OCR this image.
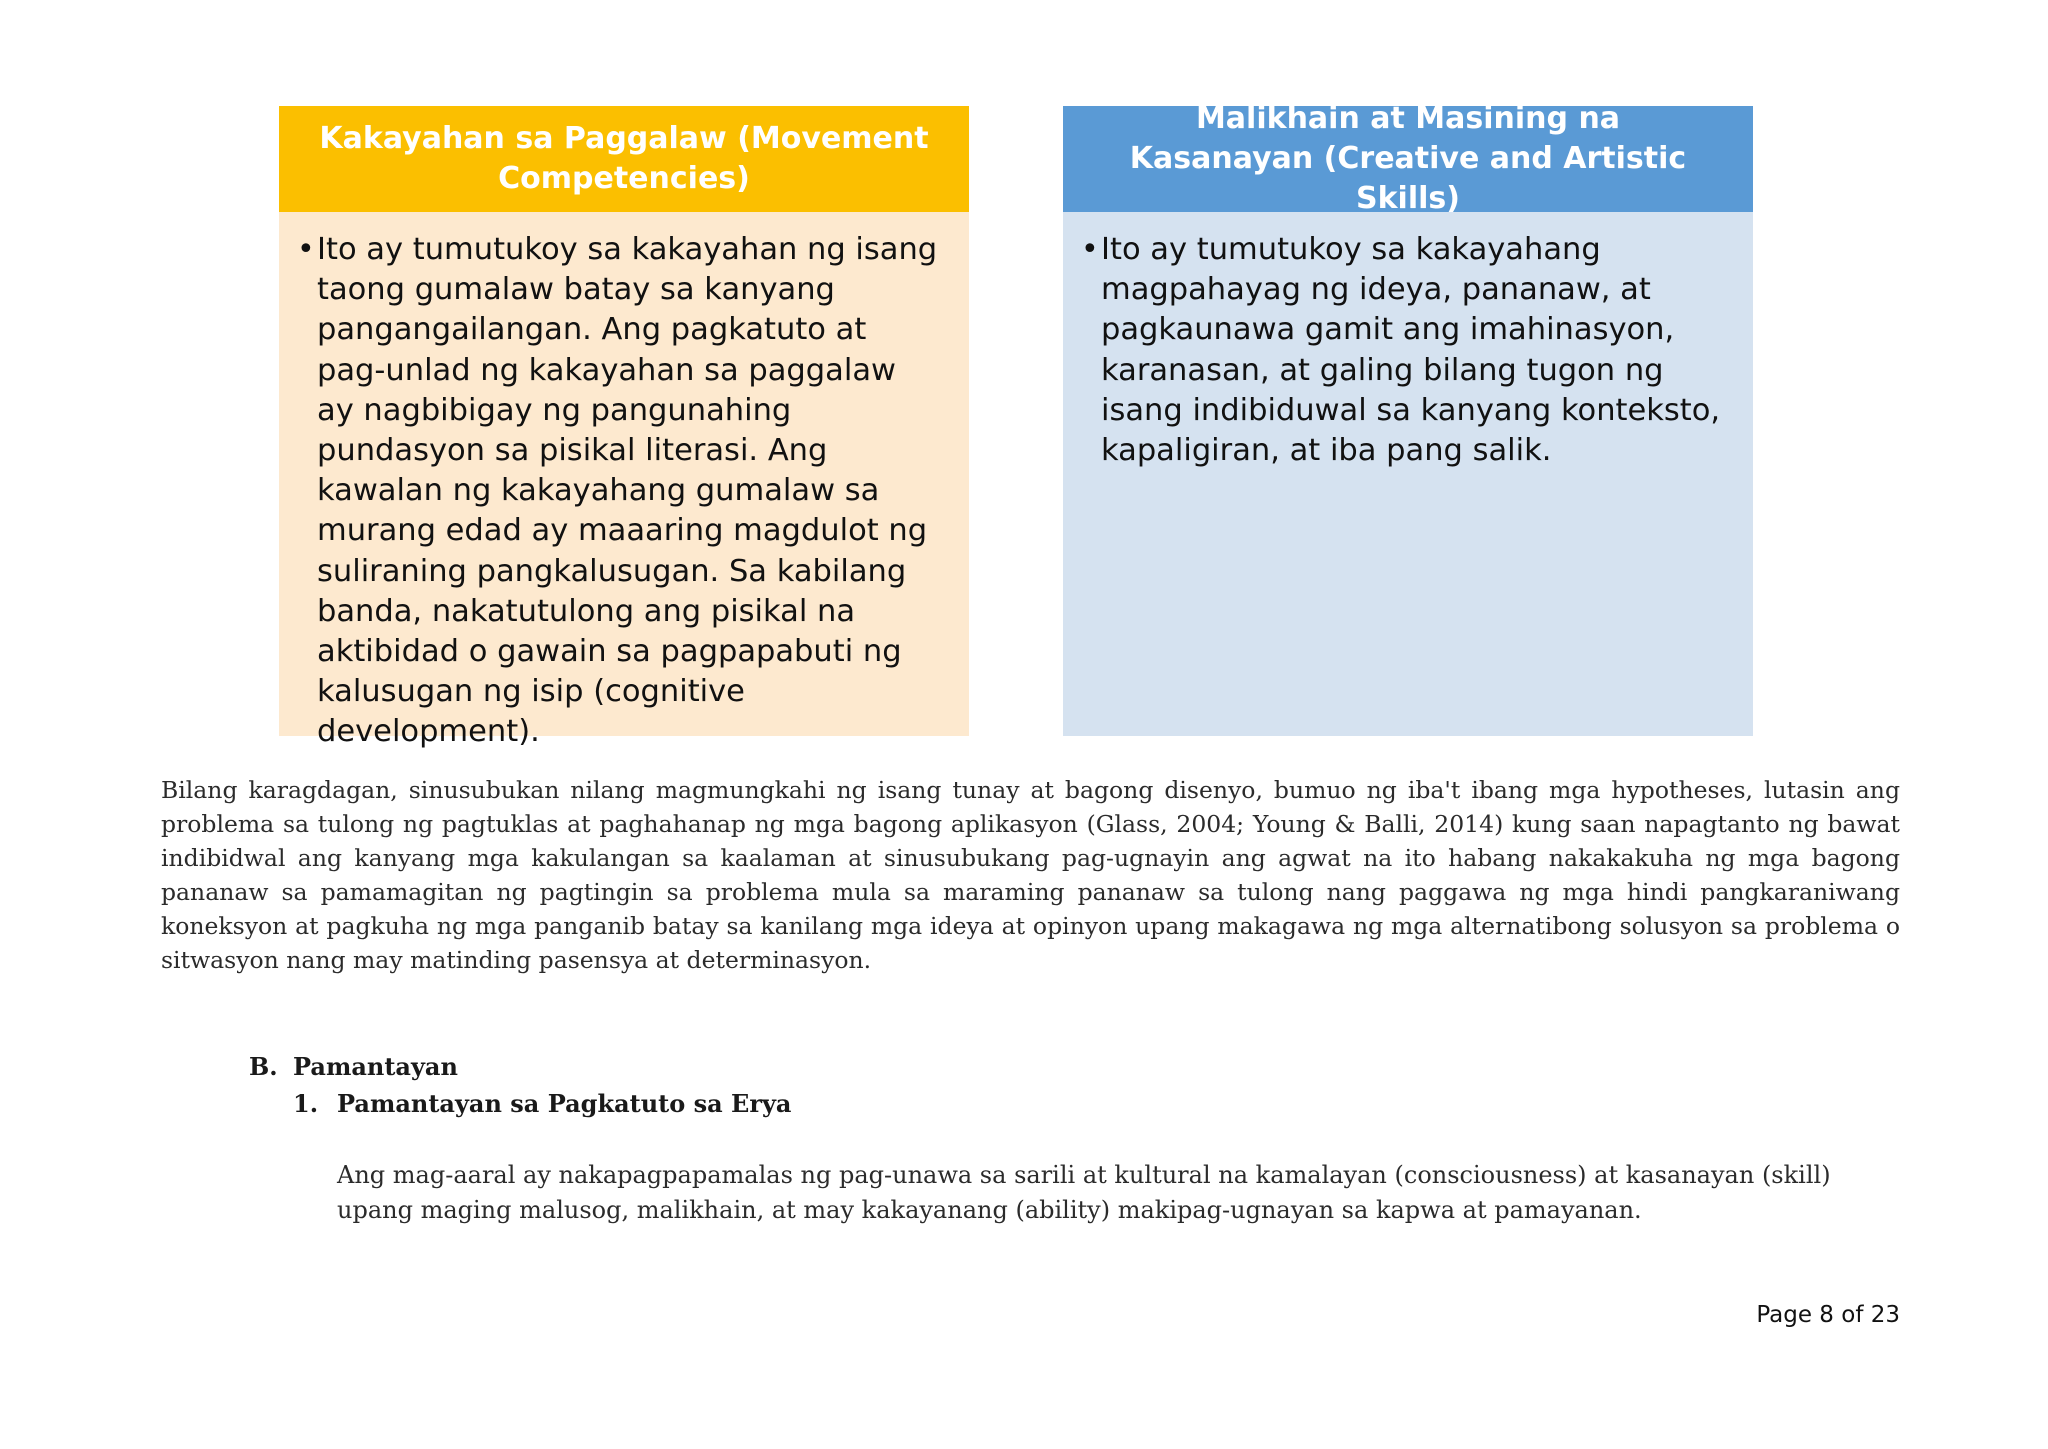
Kakayahan sa Paggalaw (Movement Competencies)
• Ito ay tumutukoy sa kakayahan ng isang taong gumalaw batay sa kanyang pangangailangan. Ang pagkatuto at pag-unlad ng kakayahan sa paggalaw ay nagbibigay ng pangunahing pundasyon sa pisikal literasi. Ang kawalan ng kakayahang gumalaw sa murang edad ay maaaring magdulot ng suliraning pangkalusugan. Sa kabilang banda, nakatutulong ang pisikal na aktibidad o gawain sa pagpapabuti ng kalusugan ng isip (cognitive development).
Malikhain at Masining na Kasanayan (Creative and Artistic Skills)
• Ito ay tumutukoy sa kakayahang magpahayag ng ideya, pananaw, at pagkaunawa gamit ang imahinasyon, karanasan, at galing bilang tugon ng isang indibiduwal sa kanyang konteksto, kapaligiran, at iba pang salik.
Bilang karagdagan, sinusubukan nilang magmungkahi ng isang tunay at bagong disenyo, bumuo ng iba't ibang mga hypotheses, lutasin ang problema sa tulong ng pagtuklas at paghahanap ng mga bagong aplikasyon (Glass, 2004; Young & Balli, 2014) kung saan napagtanto ng bawat indibidwal ang kanyang mga kakulangan sa kaalaman at sinusubukang pag-ugnayin ang agwat na ito habang nakakakuha ng mga bagong pananaw sa pamamagitan ng pagtingin sa problema mula sa maraming pananaw sa tulong nang paggawa ng mga hindi pangkaraniwang koneksyon at pagkuha ng mga panganib batay sa kanilang mga ideya at opinyon upang makagawa ng mga alternatibong solusyon sa problema o sitwasyon nang may matinding pasensya at determinasyon.
B. Pamantayan
1. Pamantayan sa Pagkatuto sa Erya
Ang mag-aaral ay nakapagpapamalas ng pag-unawa sa sarili at kultural na kamalayan (consciousness) at kasanayan (skill) upang maging malusog, malikhain, at may kakayanang (ability) makipag-ugnayan sa kapwa at pamayanan.
Page 8 of 23
